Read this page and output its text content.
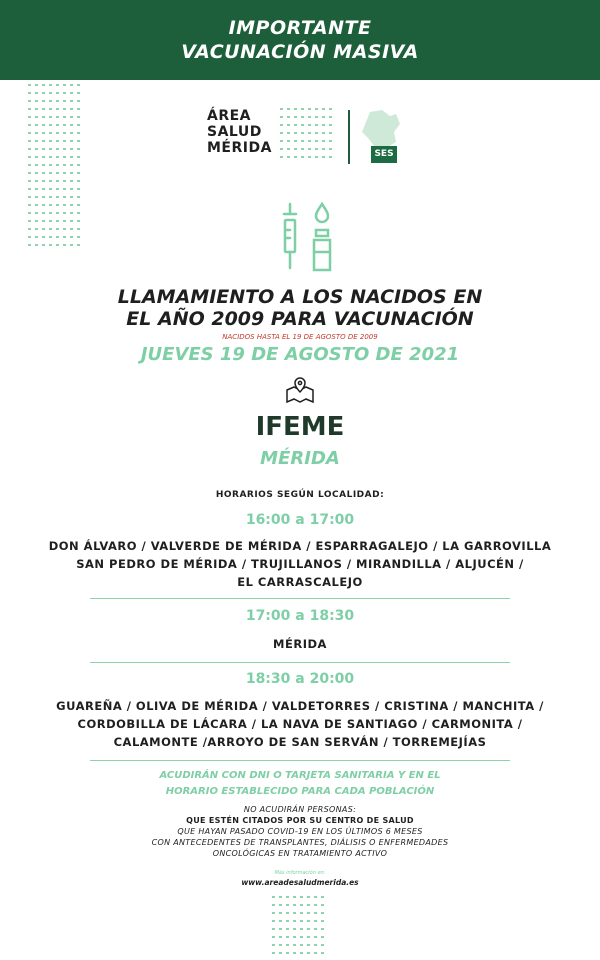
IMPORTANTE
VACUNACIÓN MASIVA
ÁREA
SALUD
MÉRIDA	SES
LLAMAMIENTO A LOS NACIDOS EN
EL AÑO 2009 PARA VACUNACIÓN
NACIDOS HASTA EL 19 DE AGOSTO DE 2009
JUEVES 19 DE AGOSTO DE 2021
IFEME
MÉRIDA
HORARIOS SEGÚN LOCALIDAD:
16:00 a 17:00
DON ÁLVARO / VALVERDE DE MÉRIDA / ESPARRAGALEJO / LA GARROVILLA
SAN PEDRO DE MÉRIDA / TRUJILLANOS / MIRANDILLA / ALJUCÉN /
EL CARRASCALEJO
17:00 a 18:30
MÉRIDA
18:30 a 20:00
GUAREÑA / OLIVA DE MÉRIDA / VALDETORRES / CRISTINA / MANCHITA /
CORDOBILLA DE LÁCARA / LA NAVA DE SANTIAGO / CARMONITA /
CALAMONTE /ARROYO DE SAN SERVÁN / TORREMEJÍAS
ACUDIRÁN CON DNI O TARJETA SANITARIA Y EN EL
HORARIO ESTABLECIDO PARA CADA POBLACIÓN
NO ACUDIRÁN PERSONAS:
QUE ESTÉN CITADOS POR SU CENTRO DE SALUD
QUE HAYAN PASADO COVID-19 EN LOS ÚLTIMOS 6 MESES
CON ANTECEDENTES DE TRANSPLANTES, DIÁLISIS O ENFERMEDADES
ONCOLÓGICAS EN TRATAMIENTO ACTIVO
Más información en:
www.areadesaludmerida.es
